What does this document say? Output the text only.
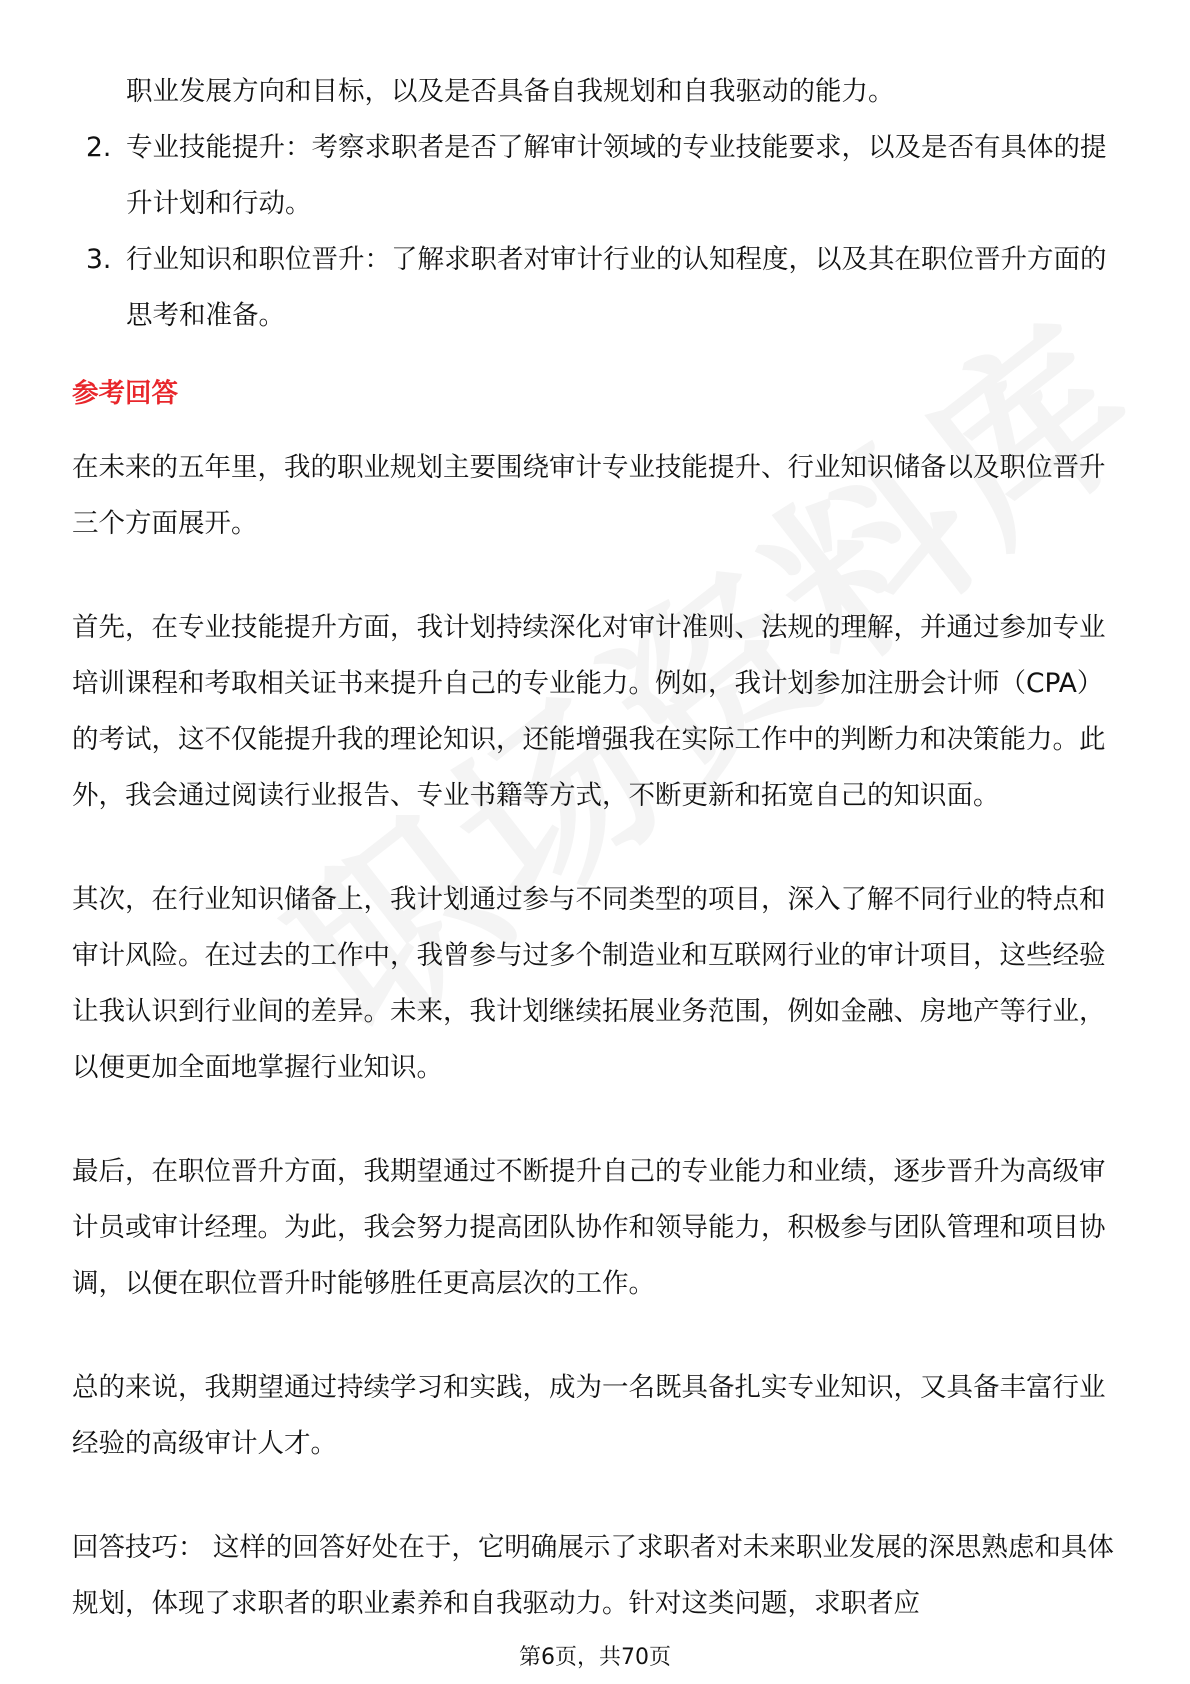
职业发展方向和目标，以及是否具备自我规划和自我驱动的能力。

2. 专业技能提升：考察求职者是否了解审计领域的专业技能要求，以及是否有具体的提升计划和行动。
3. 行业知识和职位晋升：了解求职者对审计行业的认知程度，以及其在职位晋升方面的思考和准备。
参考回答

在未来的五年里，我的职业规划主要围绕审计专业技能提升、行业知识储备以及职位晋升三个方面展开。

首先，在专业技能提升方面，我计划持续深化对审计准则、法规的理解，并通过参加专业培训课程和考取相关证书来提升自己的专业能力。例如，我计划参加注册会计师（CPA）的考试，这不仅能提升我的理论知识，还能增强我在实际工作中的判断力和决策能力。此外，我会通过阅读行业报告、专业书籍等方式，不断更新和拓宽自己的知识面。

其次，在行业知识储备上，我计划通过参与不同类型的项目，深入了解不同行业的特点和审计风险。在过去的工作中，我曾参与过多个制造业和互联网行业的审计项目，这些经验让我认识到行业间的差异。未来，我计划继续拓展业务范围，例如金融、房地产等行业，以便更加全面地掌握行业知识。

最后，在职位晋升方面，我期望通过不断提升自己的专业能力和业绩，逐步晋升为高级审计员或审计经理。为此，我会努力提高团队协作和领导能力，积极参与团队管理和项目协调，以便在职位晋升时能够胜任更高层次的工作。

总的来说，我期望通过持续学习和实践，成为一名既具备扎实专业知识，又具备丰富行业经验的高级审计人才。

回答技巧： 这样的回答好处在于，它明确展示了求职者对未来职业发展的深思熟虑和具体规划，体现了求职者的职业素养和自我驱动力。针对这类问题，求职者应

第6页，共70页
